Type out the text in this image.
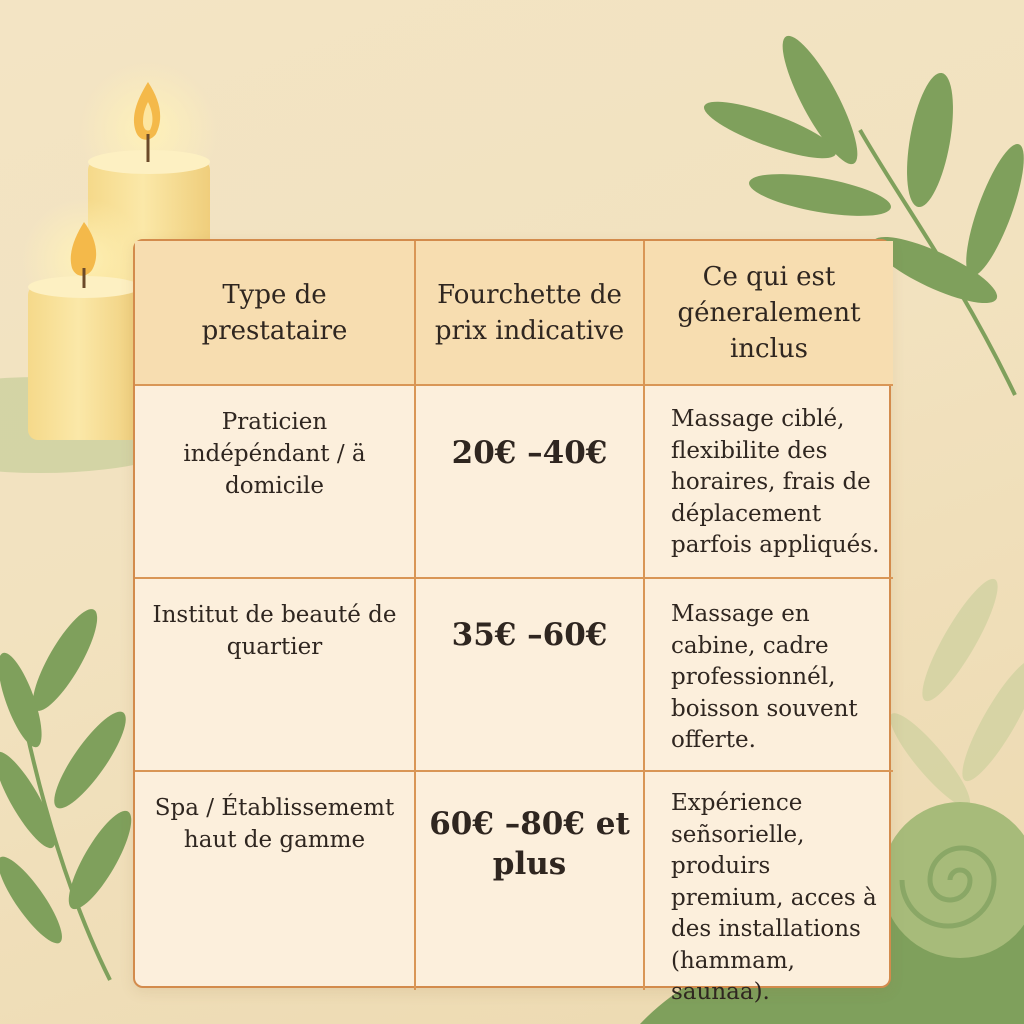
Type de prestataire
Fourchette de prix indicative
Ce qui est géneralement inclus
Praticien indépéndant / ä domicile
20€ –40€
Massage ciblé, flexibilite des horaires, frais de déplacement parfois appliqués.
Institut de beauté de quartier	35€ –60€
Massage en cabine, cadre professionnél, boisson souvent offerte.
Spa / Établissememt haut de gamme	60€ –80€ et plus
Expérience señsorielle, produirs premium, acces à des installations (hammam, saunaa).
